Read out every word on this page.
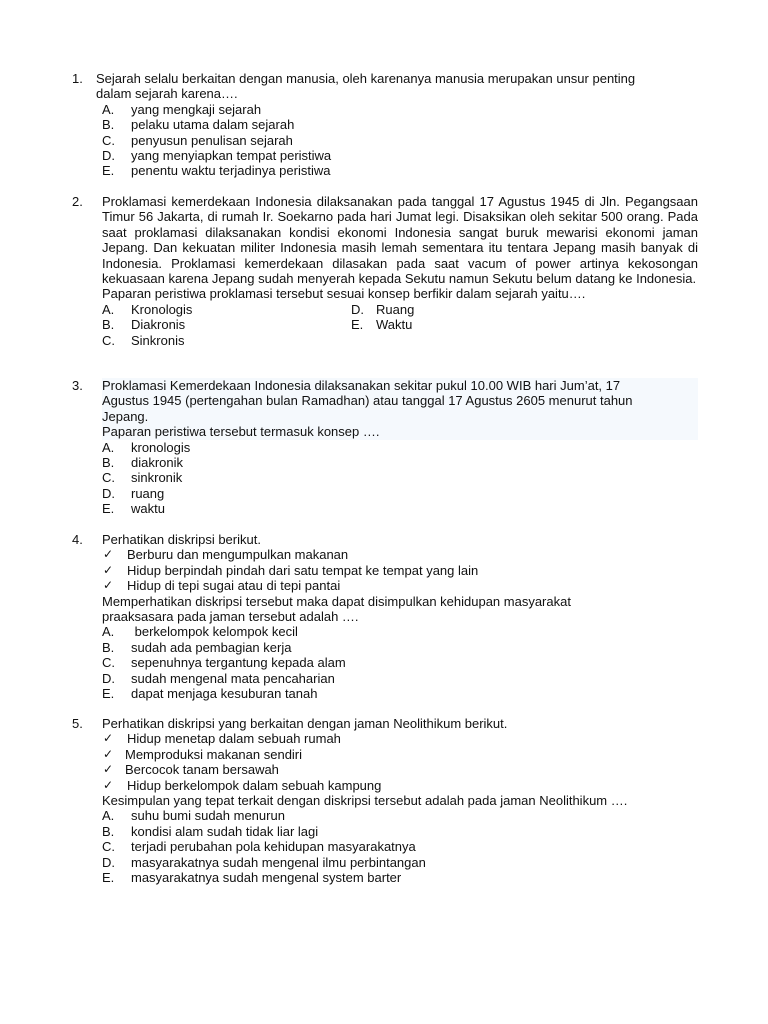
1. Sejarah selalu berkaitan dengan manusia, oleh karenanya manusia merupakan unsur penting
dalam sejarah karena….
A. yang mengkaji sejarah
B. pelaku utama dalam sejarah
C. penyusun penulisan sejarah
D. yang menyiapkan tempat peristiwa
E. penentu waktu terjadinya peristiwa
2. Proklamasi kemerdekaan Indonesia dilaksanakan pada tanggal 17 Agustus 1945 di Jln. Pegangsaan Timur 56 Jakarta, di rumah Ir. Soekarno pada hari Jumat legi. Disaksikan oleh sekitar 500 orang. Pada saat proklamasi dilaksanakan kondisi ekonomi Indonesia sangat buruk mewarisi ekonomi jaman Jepang. Dan kekuatan militer Indonesia masih lemah sementara itu tentara Jepang masih banyak di Indonesia. Proklamasi kemerdekaan dilasakan pada saat vacum of power artinya kekosongan kekuasaan karena Jepang sudah menyerah kepada Sekutu namun Sekutu belum datang ke Indonesia.
Paparan peristiwa proklamasi tersebut sesuai konsep berfikir dalam sejarah yaitu….
A. Kronologis	D. Ruang
B. Diakronis	E. Waktu
C. Sinkronis
3. Proklamasi Kemerdekaan Indonesia dilaksanakan sekitar pukul 10.00 WIB hari Jum’at, 17
Agustus 1945 (pertengahan bulan Ramadhan) atau tanggal 17 Agustus 2605 menurut tahun
Jepang.
Paparan peristiwa tersebut termasuk konsep ….
A. kronologis
B. diakronik
C. sinkronik
D. ruang
E. waktu
4. Perhatikan diskripsi berikut.
✓ Berburu dan mengumpulkan makanan
✓ Hidup berpindah pindah dari satu tempat ke tempat yang lain
✓ Hidup di tepi sugai atau di tepi pantai
Memperhatikan diskripsi tersebut maka dapat disimpulkan kehidupan masyarakat
praaksasara pada jaman tersebut adalah ….
A. berkelompok kelompok kecil
B. sudah ada pembagian kerja
C. sepenuhnya tergantung kepada alam
D. sudah mengenal mata pencaharian
E. dapat menjaga kesuburan tanah
5. Perhatikan diskripsi yang berkaitan dengan jaman Neolithikum berikut.
✓ Hidup menetap dalam sebuah rumah
✓ Memproduksi makanan sendiri
✓ Bercocok tanam bersawah
✓ Hidup berkelompok dalam sebuah kampung
Kesimpulan yang tepat terkait dengan diskripsi tersebut adalah pada jaman Neolithikum ….
A. suhu bumi sudah menurun
B. kondisi alam sudah tidak liar lagi
C. terjadi perubahan pola kehidupan masyarakatnya
D. masyarakatnya sudah mengenal ilmu perbintangan
E. masyarakatnya sudah mengenal system barter
